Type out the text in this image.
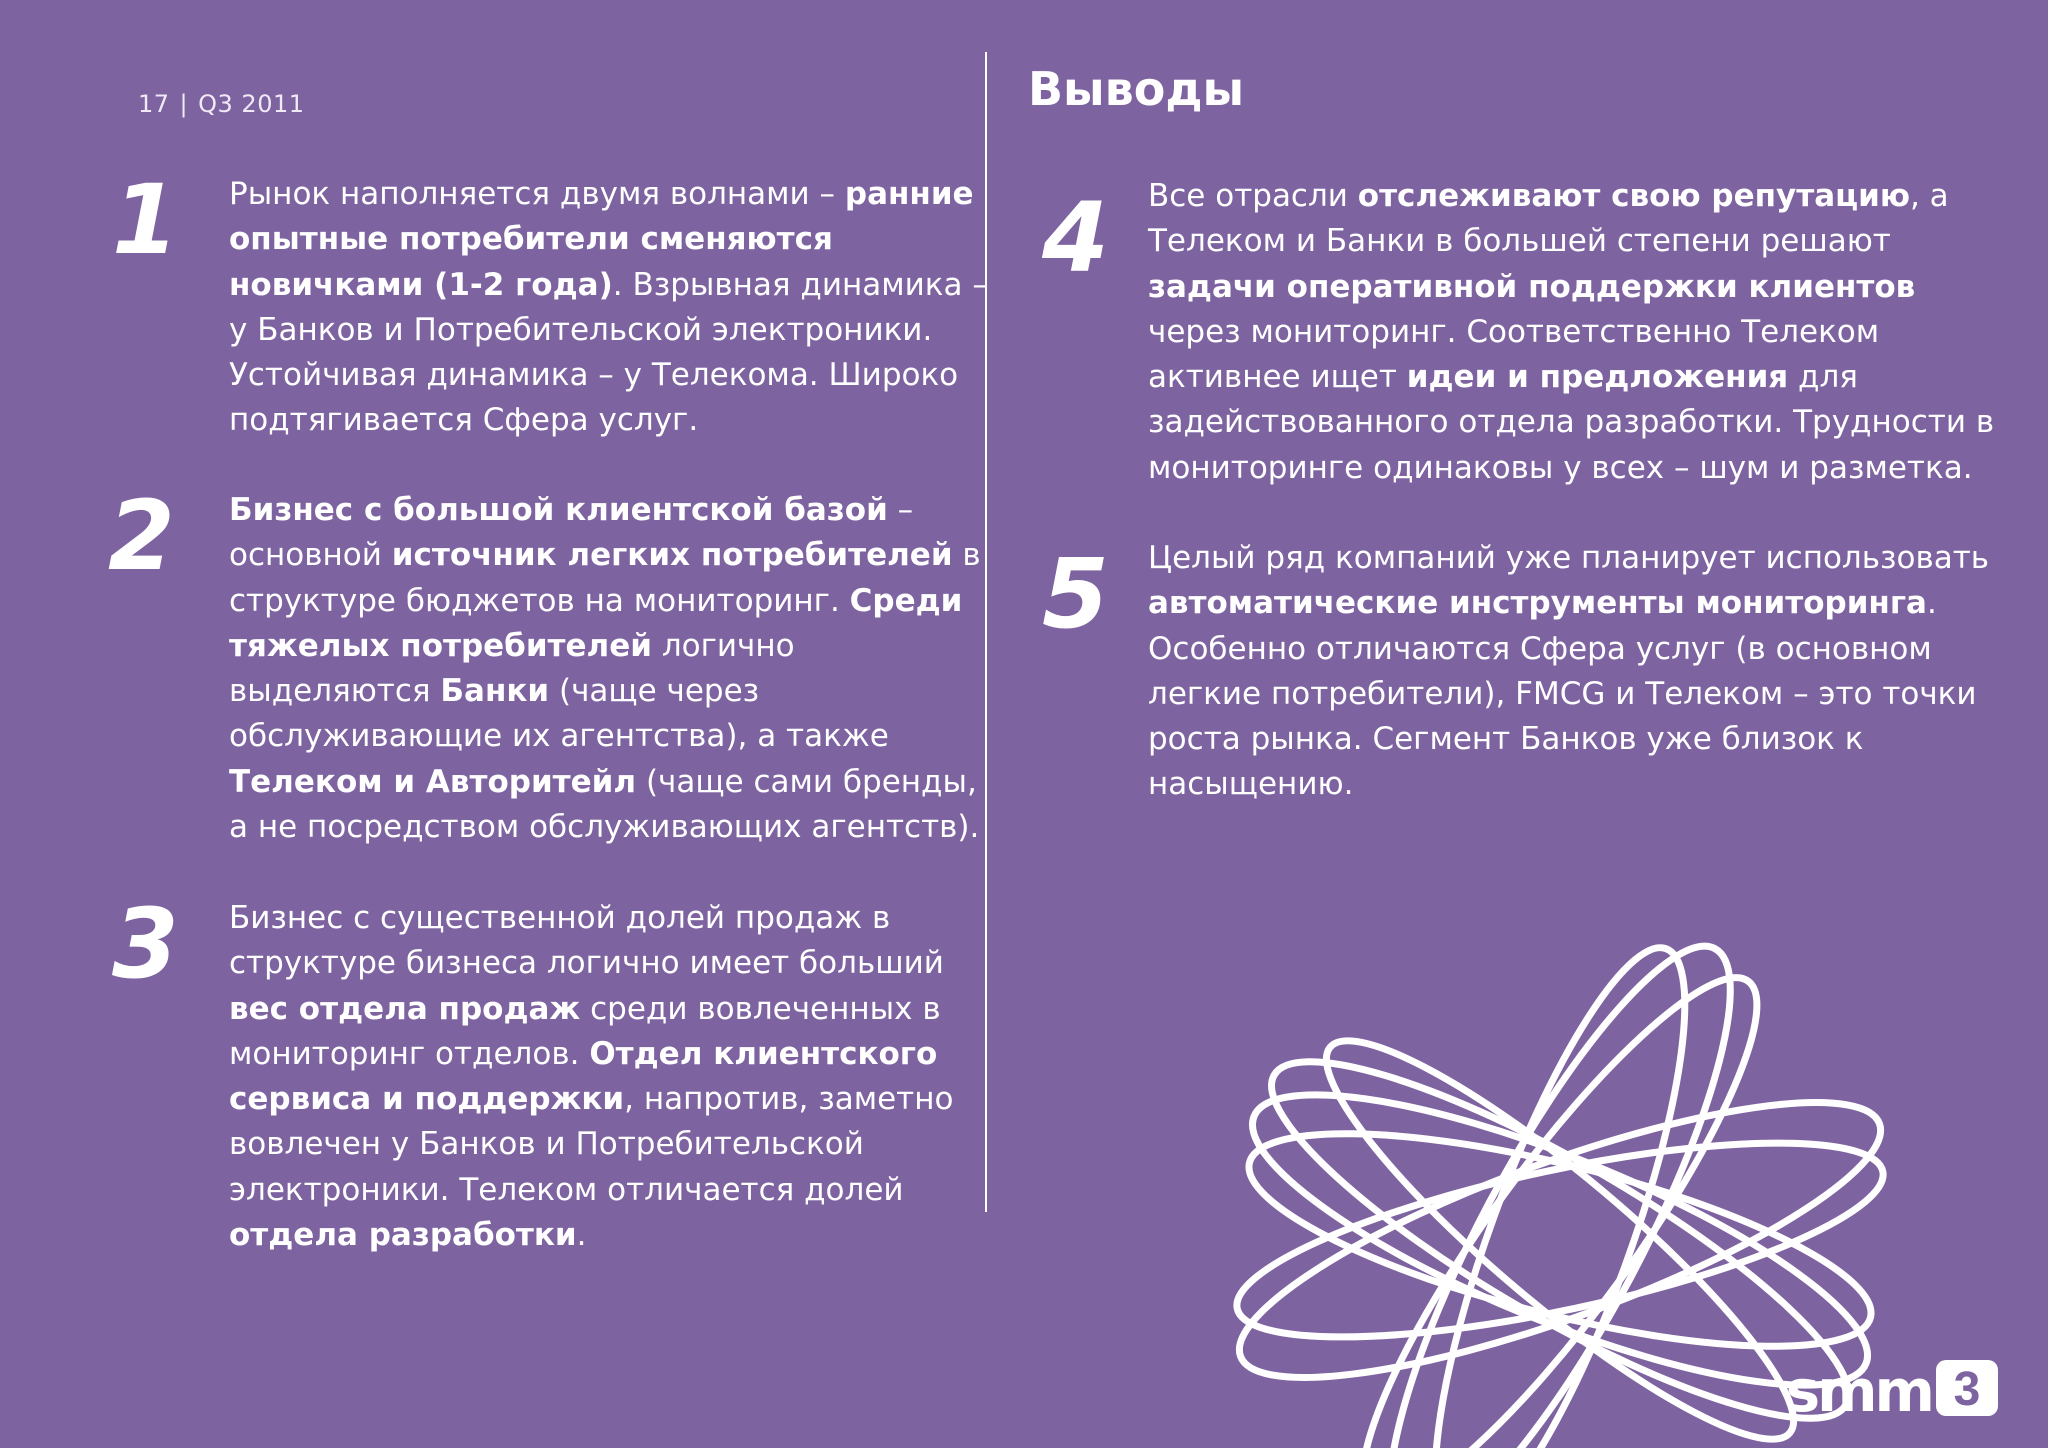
17 | Q3 2011	Выводы
1 Рынок наполняется двумя волнами – ранние опытные потребители сменяются новичками (1-2 года). Взрывная динамика – у Банков и Потребительской электроники. Устойчивая динамика – у Телекома. Широко подтягивается Сфера услуг.

2 Бизнес с большой клиентской базой – основной источник легких потребителей в структуре бюджетов на мониторинг. Среди тяжелых потребителей логично выделяются Банки (чаще через обслуживающие их агентства), а также Телеком и Авторитейл (чаще сами бренды, а не посредством обслуживающих агентств).

3 Бизнес с существенной долей продаж в структуре бизнеса логично имеет больший вес отдела продаж среди вовлеченных в мониторинг отделов. Отдел клиентского сервиса и поддержки, напротив, заметно вовлечен у Банков и Потребительской электроники. Телеком отличается долей отдела разработки.

4 Все отрасли отслеживают свою репутацию, а Телеком и Банки в большей степени решают задачи оперативной поддержки клиентов через мониторинг. Соответственно Телеком активнее ищет идеи и предложения для задействованного отдела разработки. Трудности в мониторинге одинаковы у всех – шум и разметка.

5 Целый ряд компаний уже планирует использовать автоматические инструменты мониторинга. Особенно отличаются Сфера услуг (в основном легкие потребители), FMCG и Телеком – это точки роста рынка. Сегмент Банков уже близок к насыщению.

smm 3
